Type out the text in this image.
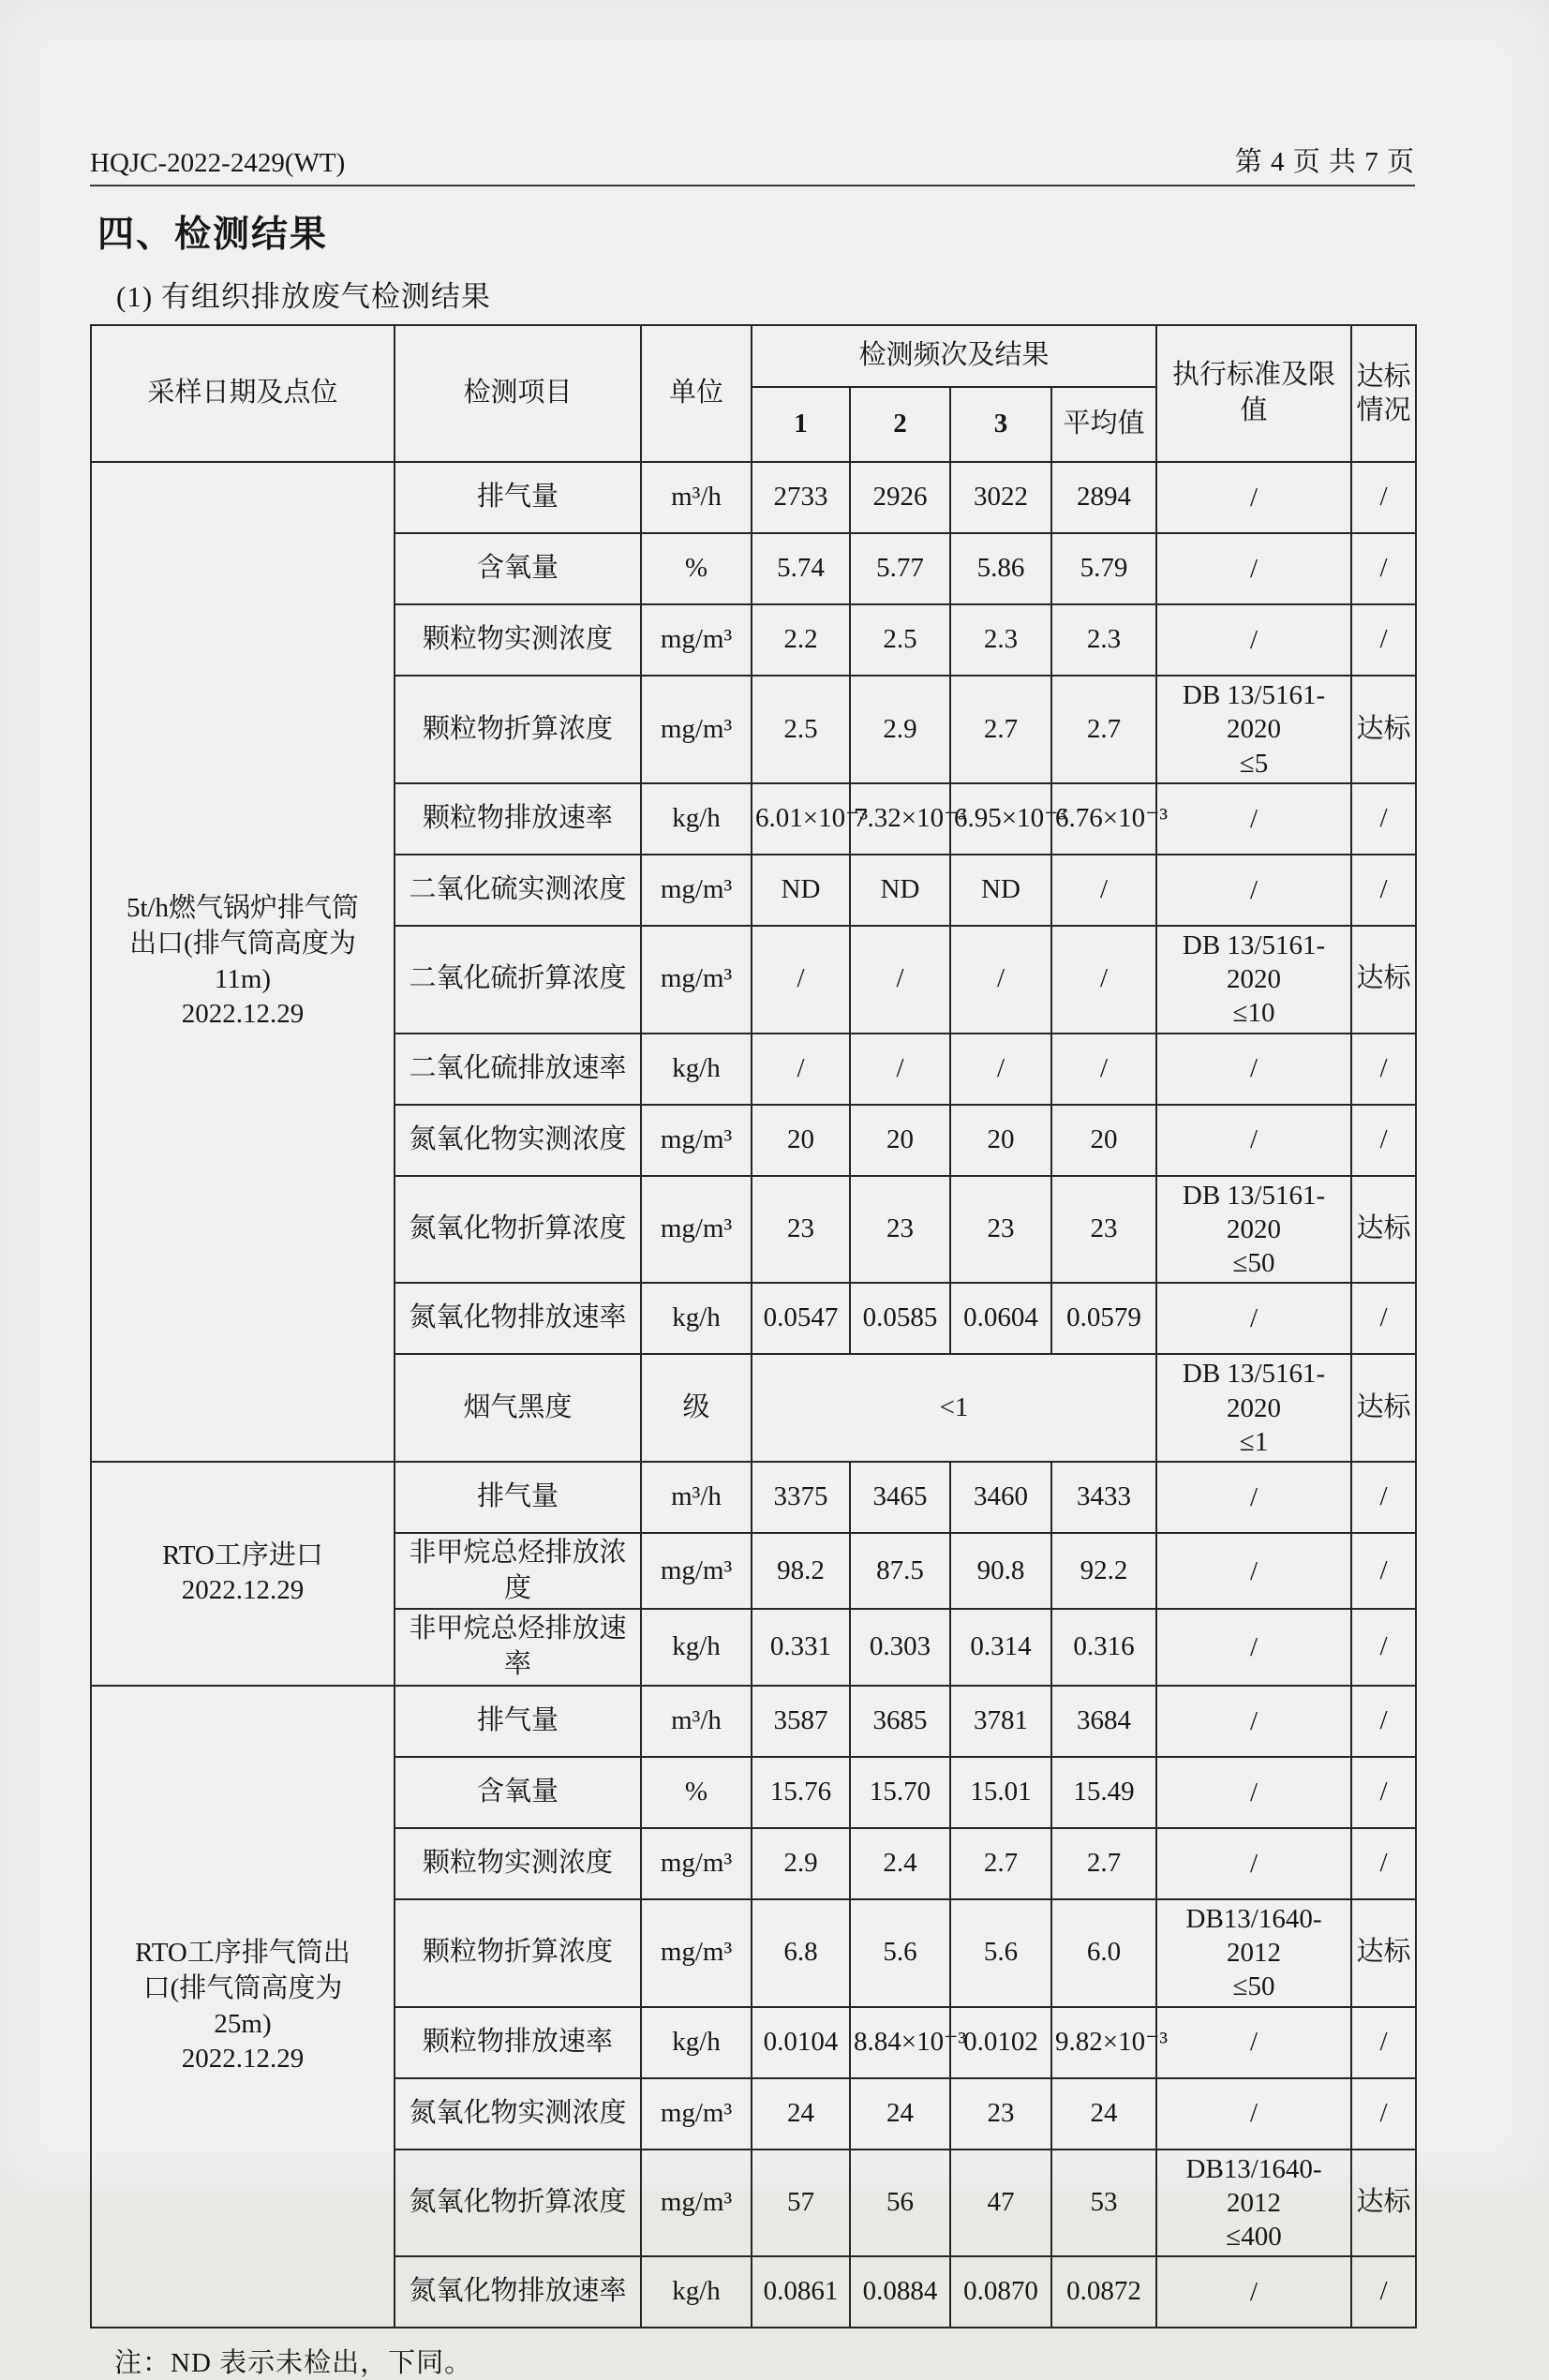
HQJC-2022-2429(WT)	第 4 页 共 7 页
四、检测结果
(1) 有组织排放废气检测结果
采样日期及点位	检测项目	单位	检测频次及结果				执行标准及限值	达标
情况

			1	2	3	平均值		
5t/h燃气锅炉排气筒
出口(排气筒高度为
11m)
2022.12.29	排气量	m³/h	2733	2926	3022	2894	/	/
	含氧量	%	5.74	5.77	5.86	5.79	/	/
	颗粒物实测浓度	mg/m³	2.2	2.5	2.3	2.3	/	/
	颗粒物折算浓度	mg/m³	2.5	2.9	2.7	2.7	DB 13/5161-2020
≤5	达标
	颗粒物排放速率	kg/h	6.01×10⁻³	7.32×10⁻³	6.95×10⁻³	6.76×10⁻³	/	/
	二氧化硫实测浓度	mg/m³	ND	ND	ND	/	/	/
	二氧化硫折算浓度	mg/m³	/	/	/	/	DB 13/5161-2020
≤10	达标
	二氧化硫排放速率	kg/h	/	/	/	/	/	/
	氮氧化物实测浓度	mg/m³	20	20	20	20	/	/
	氮氧化物折算浓度	mg/m³	23	23	23	23	DB 13/5161-2020
≤50	达标
	氮氧化物排放速率	kg/h	0.0547	0.0585	0.0604	0.0579	/	/
	烟气黑度	级	<1				DB 13/5161-2020
≤1	达标
RTO工序进口
2022.12.29	排气量	m³/h	3375	3465	3460	3433	/	/
	非甲烷总烃排放浓度	mg/m³	98.2	87.5	90.8	92.2	/	/
	非甲烷总烃排放速率	kg/h	0.331	0.303	0.314	0.316	/	/
RTO工序排气筒出
口(排气筒高度为
25m)
2022.12.29	排气量	m³/h	3587	3685	3781	3684	/	/
	含氧量	%	15.76	15.70	15.01	15.49	/	/
	颗粒物实测浓度	mg/m³	2.9	2.4	2.7	2.7	/	/
	颗粒物折算浓度	mg/m³	6.8	5.6	5.6	6.0	DB13/1640-2012
≤50	达标
	颗粒物排放速率	kg/h	0.0104	8.84×10⁻³	0.0102	9.82×10⁻³	/	/
	氮氧化物实测浓度	mg/m³	24	24	23	24	/	/
	氮氧化物折算浓度	mg/m³	57	56	47	53	DB13/1640-2012
≤400	达标
	氮氧化物排放速率	kg/h	0.0861	0.0884	0.0870	0.0872	/	/

注：ND 表示未检出，下同。
